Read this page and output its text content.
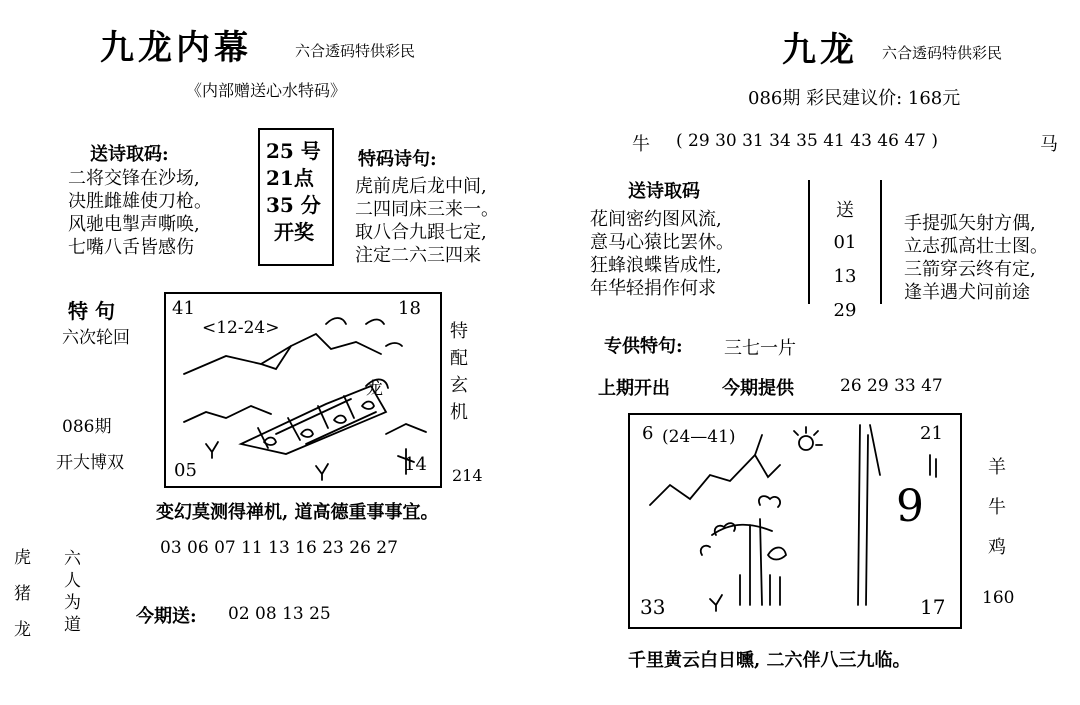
九龙内幕	六合透码特供彩民
《内部赠送心水特码》
送诗取码:
二将交锋在沙场,
决胜雌雄使刀枪。
风驰电掣声嘶唤,
七嘴八舌皆感伤
25 号
21点
35 分
开奖
特码诗句:
虎前虎后龙中间,
二四同床三来一。
取八合九跟七定,
注定二六三四来
特 句
六次轮回
086期
开大博双
41
<12-24>
18
龙
05	14
特
配
玄
机
214
变幻莫测得禅机, 道高德重事事宜。
03 06 07 11 13 16 23 26 27
虎
猪
龙
六
人
为
道	今期送: 02 08 13 25
九龙 六合透码特供彩民
086期 彩民建议价: 168元
牛 ( 29 30 31 34 35 41 43 46 47 )	马
送诗取码
花间密约图风流,
意马心猿比罢休。
狂蜂浪蝶皆成性,
年华轻捐作何求
送
01
13
29
手提弧矢射方偶,
立志孤高壮士图。
三箭穿云终有定,
逢羊遇犬问前途
专供特句: 三七一片
上期开出	今期提供	26 29 33 47
6 (24—41)	21
9
33	17
羊
牛
鸡
160
千里黄云白日曛, 二六伴八三九临。
